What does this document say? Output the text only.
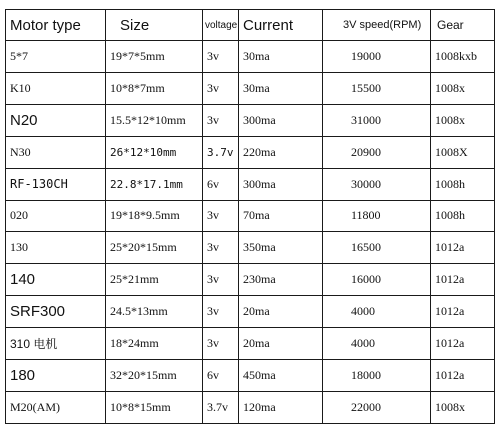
Motor type	Size	voltage	Current	3V speed(RPM)	Gear
5*7	19*7*5mm	3v	30ma	19000	1008kxb
K10	10*8*7mm	3v	30ma	15500	1008x
N20	15.5*12*10mm	3v	300ma	31000	1008x
N30	26*12*10mm	3.7v	220ma	20900	1008X
RF-130CH	22.8*17.1mm	6v	300ma	30000	1008h
020	19*18*9.5mm	3v	70ma	11800	1008h
130	25*20*15mm	3v	350ma	16500	1012a
140	25*21mm	3v	230ma	16000	1012a
SRF300	24.5*13mm	3v	20ma	4000	1012a
310 电机	18*24mm	3v	20ma	4000	1012a
180	32*20*15mm	6v	450ma	18000	1012a
M20(AM)	10*8*15mm	3.7v	120ma	22000	1008x
